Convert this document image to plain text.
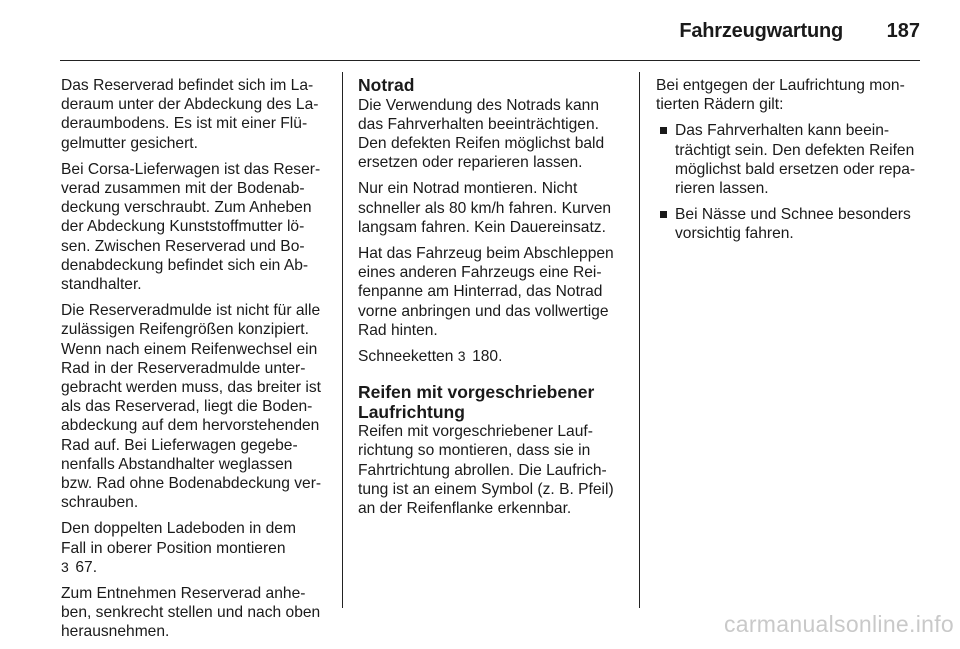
Fahrzeugwartung 187

Das Reserverad befindet sich im La-
deraum unter der Abdeckung des La-
deraumbodens. Es ist mit einer Flü-
gelmutter gesichert.

Bei Corsa-Lieferwagen ist das Reser-
verad zusammen mit der Bodenab-
deckung verschraubt. Zum Anheben
der Abdeckung Kunststoffmutter lö-
sen. Zwischen Reserverad und Bo-
denabdeckung befindet sich ein Ab-
standhalter.

Die Reserveradmulde ist nicht für alle
zulässigen Reifengrößen konzipiert.
Wenn nach einem Reifenwechsel ein
Rad in der Reserveradmulde unter-
gebracht werden muss, das breiter ist
als das Reserverad, liegt die Boden-
abdeckung auf dem hervorstehenden
Rad auf. Bei Lieferwagen gegebe-
nenfalls Abstandhalter weglassen
bzw. Rad ohne Bodenabdeckung ver-
schrauben.

Den doppelten Ladeboden in dem
Fall in oberer Position montieren
3 67.

Zum Entnehmen Reserverad anhe-
ben, senkrecht stellen und nach oben
herausnehmen.

Notrad

Die Verwendung des Notrads kann
das Fahrverhalten beeinträchtigen.
Den defekten Reifen möglichst bald
ersetzen oder reparieren lassen.

Nur ein Notrad montieren. Nicht
schneller als 80 km/h fahren. Kurven
langsam fahren. Kein Dauereinsatz.

Hat das Fahrzeug beim Abschleppen
eines anderen Fahrzeugs eine Rei-
fenpanne am Hinterrad, das Notrad
vorne anbringen und das vollwertige
Rad hinten.

Schneeketten 3 180.

Reifen mit vorgeschriebener
Laufrichtung

Reifen mit vorgeschriebener Lauf-
richtung so montieren, dass sie in
Fahrtrichtung abrollen. Die Laufrich-
tung ist an einem Symbol (z. B. Pfeil)
an der Reifenflanke erkennbar.

Bei entgegen der Laufrichtung mon-
tierten Rädern gilt:

Das Fahrverhalten kann beein-
trächtigt sein. Den defekten Reifen
möglichst bald ersetzen oder repa-
rieren lassen.
Bei Nässe und Schnee besonders
vorsichtig fahren.
carmanualsonline.info
